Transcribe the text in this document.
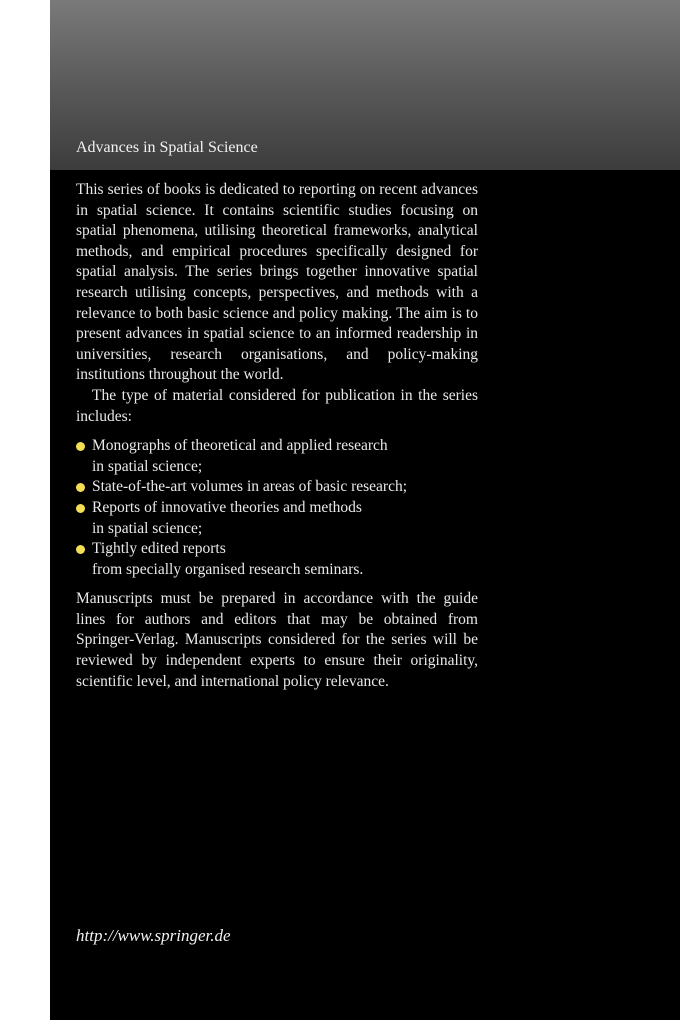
Advances in Spatial Science

This series of books is dedicated to reporting on recent advances in spatial science. It contains scientific studies focusing on spatial phenomena, utilising theoretical frameworks, analytical methods, and empirical procedures specifically designed for spatial analysis. The series brings together innovative spatial research utilising concepts, perspectives, and methods with a relevance to both basic science and policy making. The aim is to present advances in spatial science to an informed readership in universities, research organisations, and policy-making institutions throughout the world.

The type of material considered for publication in the series includes:

Monographs of theoretical and applied research
in spatial science;
State-of-the-art volumes in areas of basic research;
Reports of innovative theories and methods
in spatial science;
Tightly edited reports
from specially organised research seminars.

Manuscripts must be prepared in accordance with the guide lines for authors and editors that may be obtained from Springer-Verlag. Manuscripts considered for the series will be reviewed by independent experts to ensure their originality, scientific level, and international policy relevance.

http://www.springer.de
